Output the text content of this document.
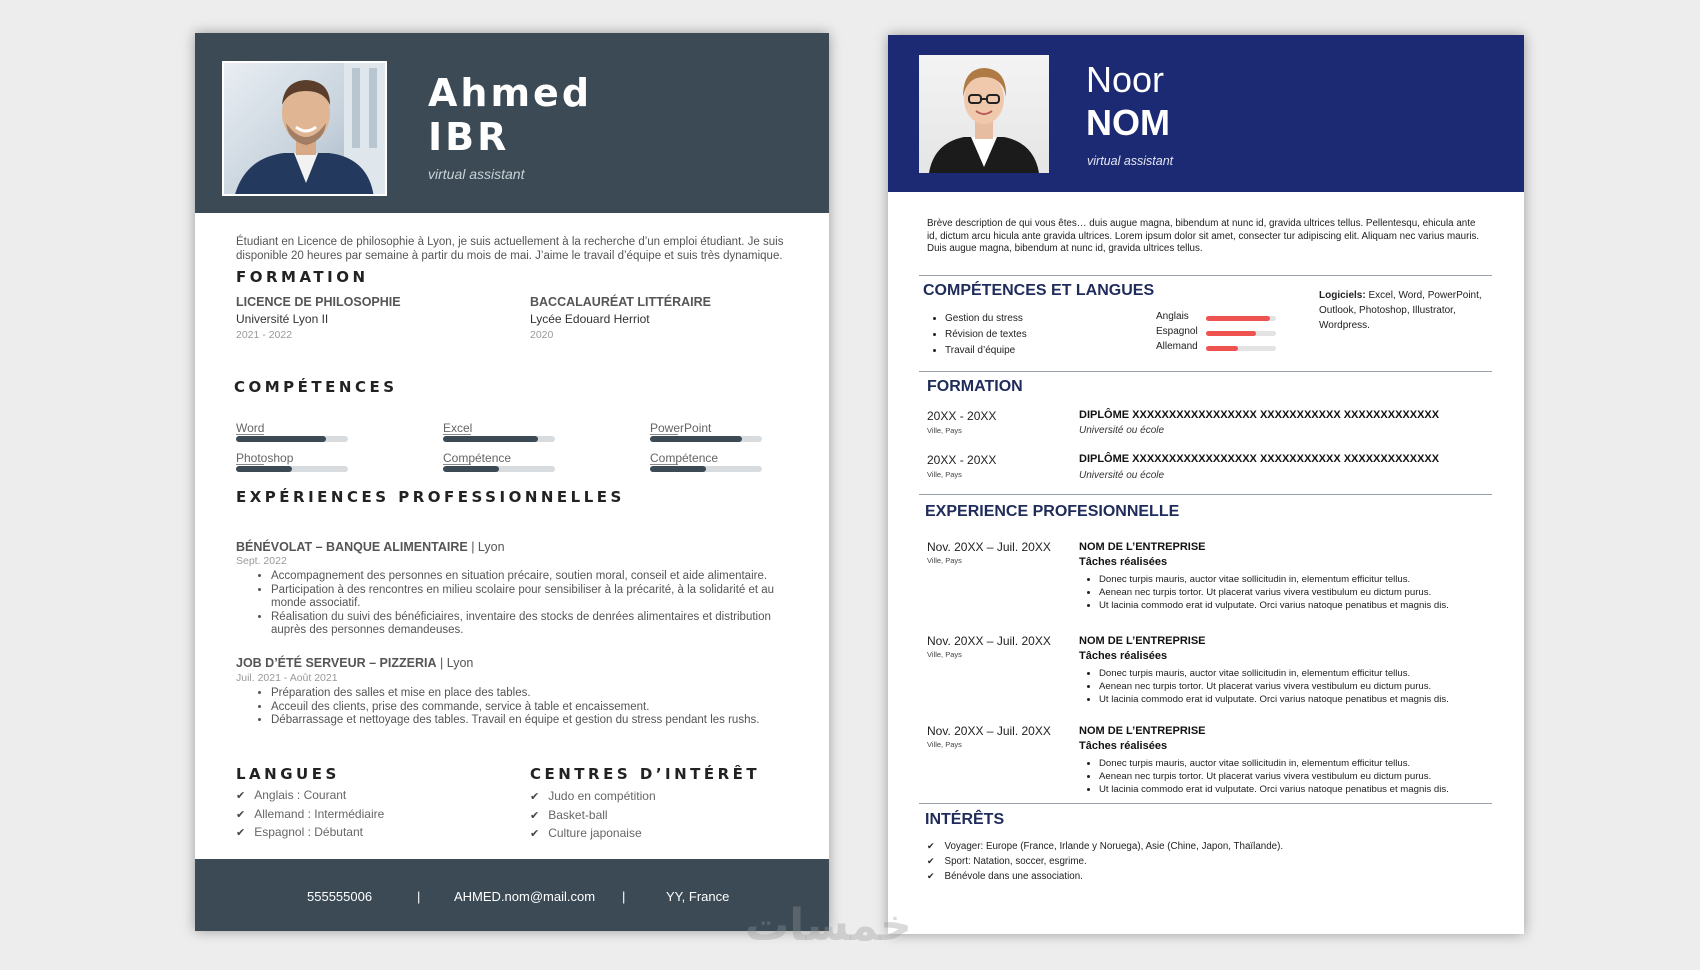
Ahmed
IBR
virtual assistant
Étudiant en Licence de philosophie à Lyon, je suis actuellement à la recherche d’un emploi étudiant. Je suis disponible 20 heures par semaine à partir du mois de mai. J’aime le travail d’équipe et suis très dynamique.
FORMATION
LICENCE DE PHILOSOPHIE
Université Lyon II
2021 - 2022
BACCALAURÉAT LITTÉRAIRE
Lycée Edouard Herriot
2020
COMPÉTENCES
Word	Excel	PowerPoint
Photoshop	Compétence	Compétence
EXPÉRIENCES PROFESSIONNELLES
BÉNÉVOLAT – BANQUE ALIMENTAIRE | Lyon
Sept. 2022
• Accompagnement des personnes en situation précaire, soutien moral, conseil et aide alimentaire.
• Participation à des rencontres en milieu scolaire pour sensibiliser à la précarité, à la solidarité et au monde associatif.
• Réalisation du suivi des bénéficiaires, inventaire des stocks de denrées alimentaires et distribution auprès des personnes demandeuses.
JOB D’ÉTÉ SERVEUR – PIZZERIA | Lyon
Juil. 2021 - Août 2021
• Préparation des salles et mise en place des tables.
• Acceuil des clients, prise des commande, service à table et encaissement.
• Débarrassage et nettoyage des tables. Travail en équipe et gestion du stress pendant les rushs.
LANGUES
✔ Anglais : Courant
✔ Allemand : Intermédiaire
✔ Espagnol : Débutant
CENTRES D’INTÉRÊT
✔ Judo en compétition
✔ Basket-ball
✔ Culture japonaise
555555006	|	AHMED.nom@mail.com |	YY, France
Noor
NOM
virtual assistant
Brève description de qui vous êtes… duis augue magna, bibendum at nunc id, gravida ultrices tellus. Pellentesqu, ehicula ante id, dictum arcu hicula ante gravida ultrices. Lorem ipsum dolor sit amet, consecter tur adipiscing elit. Aliquam nec varius mauris. Duis augue magna, bibendum at nunc id, gravida ultrices tellus.
COMPÉTENCES ET LANGUES
• Gestion du stress
• Révision de textes
• Travail d’équipe
Anglais
Espagnol
Allemand
Logiciels: Excel, Word, PowerPoint, Outlook, Photoshop, Illustrator, Wordpress.
FORMATION
20XX - 20XX
Ville, Pays
DIPLÔME XXXXXXXXXXXXXXXXX XXXXXXXXXXX XXXXXXXXXXXXX
Université ou école
20XX - 20XX
Ville, Pays
DIPLÔME XXXXXXXXXXXXXXXXX XXXXXXXXXXX XXXXXXXXXXXXX
Université ou école
EXPERIENCE PROFESIONNELLE
Nov. 20XX – Juil. 20XX
Ville, Pays
NOM DE L’ENTREPRISE
Tâches réalisées
• Donec turpis mauris, auctor vitae sollicitudin in, elementum efficitur tellus.
• Aenean nec turpis tortor. Ut placerat varius vivera vestibulum eu dictum purus.
• Ut lacinia commodo erat id vulputate. Orci varius natoque penatibus et magnis dis.
Nov. 20XX – Juil. 20XX
Ville, Pays
NOM DE L’ENTREPRISE
Tâches réalisées
• Donec turpis mauris, auctor vitae sollicitudin in, elementum efficitur tellus.
• Aenean nec turpis tortor. Ut placerat varius vivera vestibulum eu dictum purus.
• Ut lacinia commodo erat id vulputate. Orci varius natoque penatibus et magnis dis.
Nov. 20XX – Juil. 20XX
Ville, Pays
NOM DE L’ENTREPRISE
Tâches réalisées
• Donec turpis mauris, auctor vitae sollicitudin in, elementum efficitur tellus.
• Aenean nec turpis tortor. Ut placerat varius vivera vestibulum eu dictum purus.
• Ut lacinia commodo erat id vulputate. Orci varius natoque penatibus et magnis dis.
INTÉRÊTS
✔ Voyager: Europe (France, Irlande y Noruega), Asie (Chine, Japon, Thaïlande).
✔ Sport: Natation, soccer, esgrime.
✔ Bénévole dans une association.
خمسات
